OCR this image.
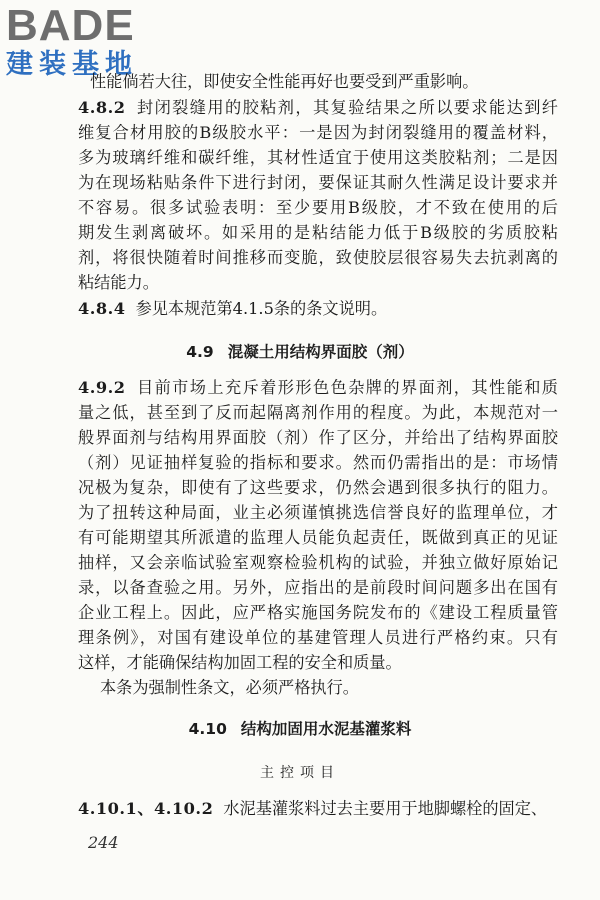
BADE
建装基地
性能倘若大往，即使安全性能再好也要受到严重影响。
4.8.2 封闭裂缝用的胶粘剂，其复验结果之所以要求能达到纤
维复合材用胶的B级胶水平：一是因为封闭裂缝用的覆盖材料，
多为玻璃纤维和碳纤维，其材性适宜于使用这类胶粘剂；二是因
为在现场粘贴条件下进行封闭，要保证其耐久性满足设计要求并
不容易。很多试验表明：至少要用B级胶，才不致在使用的后
期发生剥离破坏。如采用的是粘结能力低于B级胶的劣质胶粘
剂，将很快随着时间推移而变脆，致使胶层很容易失去抗剥离的
粘结能力。
4.8.4 参见本规范第4.1.5条的条文说明。
4.9 混凝土用结构界面胶（剂）
4.9.2 目前市场上充斥着形形色色杂牌的界面剂，其性能和质
量之低，甚至到了反而起隔离剂作用的程度。为此，本规范对一
般界面剂与结构用界面胶（剂）作了区分，并给出了结构界面胶
（剂）见证抽样复验的指标和要求。然而仍需指出的是：市场情
况极为复杂，即使有了这些要求，仍然会遇到很多执行的阻力。
为了扭转这种局面，业主必须谨慎挑选信誉良好的监理单位，才
有可能期望其所派遣的监理人员能负起责任，既做到真正的见证
抽样，又会亲临试验室观察检验机构的试验，并独立做好原始记
录，以备查验之用。另外，应指出的是前段时间问题多出在国有
企业工程上。因此，应严格实施国务院发布的《建设工程质量管
理条例》，对国有建设单位的基建管理人员进行严格约束。只有
这样，才能确保结构加固工程的安全和质量。
本条为强制性条文，必须严格执行。
4.10 结构加固用水泥基灌浆料
主控项目
4.10.1、4.10.2 水泥基灌浆料过去主要用于地脚螺栓的固定、
244
